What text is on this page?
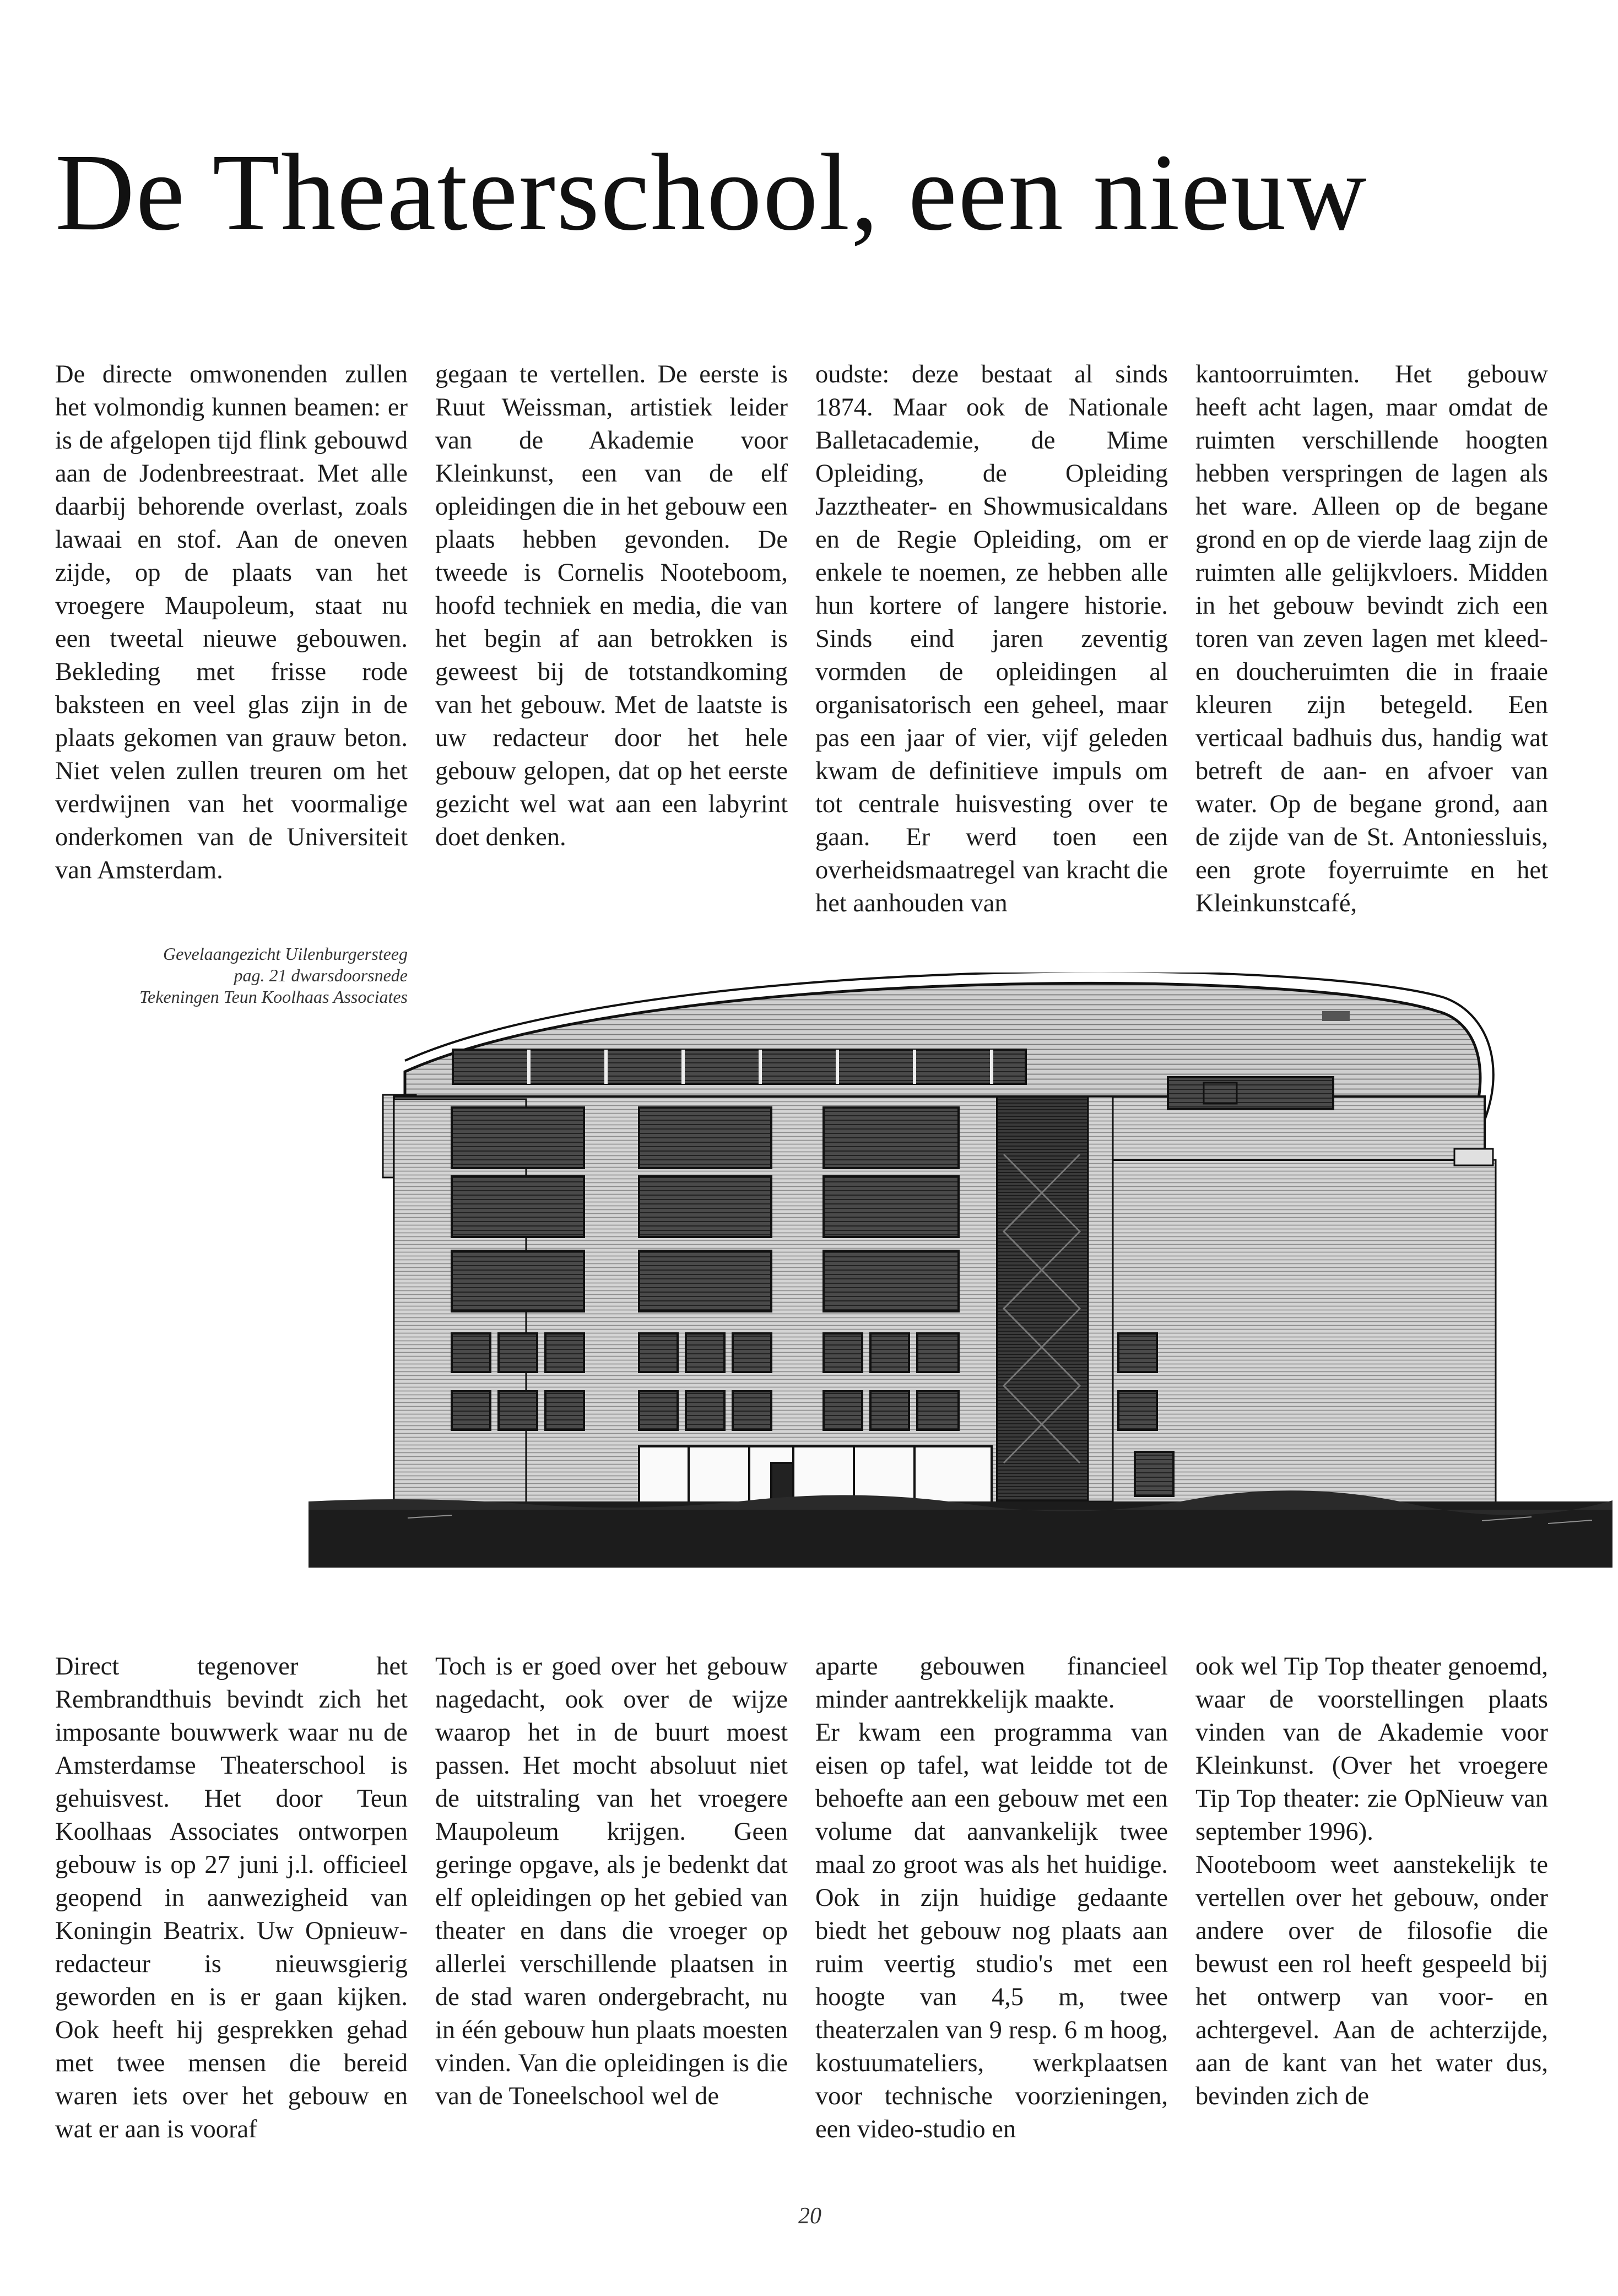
De Theaterschool, een nieuw

De directe omwonenden zullen het volmondig kunnen beamen: er is de afgelopen tijd flink gebouwd aan de Jodenbreestraat. Met alle daarbij behorende overlast, zoals lawaai en stof. Aan de oneven zijde, op de plaats van het vroegere Maupoleum, staat nu een tweetal nieuwe gebouwen. Bekleding met frisse rode baksteen en veel glas zijn in de plaats gekomen van grauw beton. Niet velen zullen treuren om het verdwijnen van het voormalige onderkomen van de Universiteit van Amsterdam.

gegaan te vertellen. De eerste is Ruut Weissman, artistiek leider van de Akademie voor Kleinkunst, een van de elf opleidingen die in het gebouw een plaats hebben gevonden. De tweede is Cornelis Nooteboom, hoofd techniek en media, die van het begin af aan betrokken is geweest bij de totstandkoming van het gebouw. Met de laatste is uw redacteur door het hele gebouw gelopen, dat op het eerste gezicht wel wat aan een labyrint doet denken.

oudste: deze bestaat al sinds 1874. Maar ook de Nationale Balletacademie, de Mime Opleiding, de Opleiding Jazztheater- en Showmusicaldans en de Regie Opleiding, om er enkele te noemen, ze hebben alle hun kortere of langere historie. Sinds eind jaren zeventig vormden de opleidingen al organisatorisch een geheel, maar pas een jaar of vier, vijf geleden kwam de definitieve impuls om tot centrale huisvesting over te gaan. Er werd toen een overheidsmaatregel van kracht die het aanhouden van

kantoorruimten. Het gebouw heeft acht lagen, maar omdat de ruimten verschillende hoogten hebben verspringen de lagen als het ware. Alleen op de begane grond en op de vierde laag zijn de ruimten alle gelijkvloers. Midden in het gebouw bevindt zich een toren van zeven lagen met kleed- en doucheruimten die in fraaie kleuren zijn betegeld. Een verticaal badhuis dus, handig wat betreft de aan- en afvoer van water. Op de begane grond, aan de zijde van de St. Antoniessluis, een grote foyerruimte en het Kleinkunstcafé,

Gevelaangezicht Uilenburgersteeg
pag. 21 dwarsdoorsnede
Tekeningen Teun Koolhaas Associates

Direct tegenover het Rembrandthuis bevindt zich het imposante bouwwerk waar nu de Amsterdamse Theaterschool is gehuisvest. Het door Teun Koolhaas Associates ontworpen gebouw is op 27 juni j.l. officieel geopend in aanwezigheid van Koningin Beatrix. Uw Opnieuw-redacteur is nieuwsgierig geworden en is er gaan kijken. Ook heeft hij gesprekken gehad met twee mensen die bereid waren iets over het gebouw en wat er aan is vooraf

Toch is er goed over het gebouw nagedacht, ook over de wijze waarop het in de buurt moest passen. Het mocht absoluut niet de uitstraling van het vroegere Maupoleum krijgen. Geen geringe opgave, als je bedenkt dat elf opleidingen op het gebied van theater en dans die vroeger op allerlei verschillende plaatsen in de stad waren ondergebracht, nu in één gebouw hun plaats moesten vinden. Van die opleidingen is die van de Toneelschool wel de

aparte gebouwen financieel minder aantrekkelijk maakte.

Er kwam een programma van eisen op tafel, wat leidde tot de behoefte aan een gebouw met een volume dat aanvankelijk twee maal zo groot was als het huidige. Ook in zijn huidige gedaante biedt het gebouw nog plaats aan ruim veertig studio's met een hoogte van 4,5 m, twee theaterzalen van 9 resp. 6 m hoog, kostuumateliers, werkplaatsen voor technische voorzieningen, een video-studio en

ook wel Tip Top theater genoemd, waar de voorstellingen plaats vinden van de Akademie voor Kleinkunst. (Over het vroegere Tip Top theater: zie OpNieuw van september 1996).

Nooteboom weet aanstekelijk te vertellen over het gebouw, onder andere over de filosofie die bewust een rol heeft gespeeld bij het ontwerp van voor- en achtergevel. Aan de achterzijde, aan de kant van het water dus, bevinden zich de

20
